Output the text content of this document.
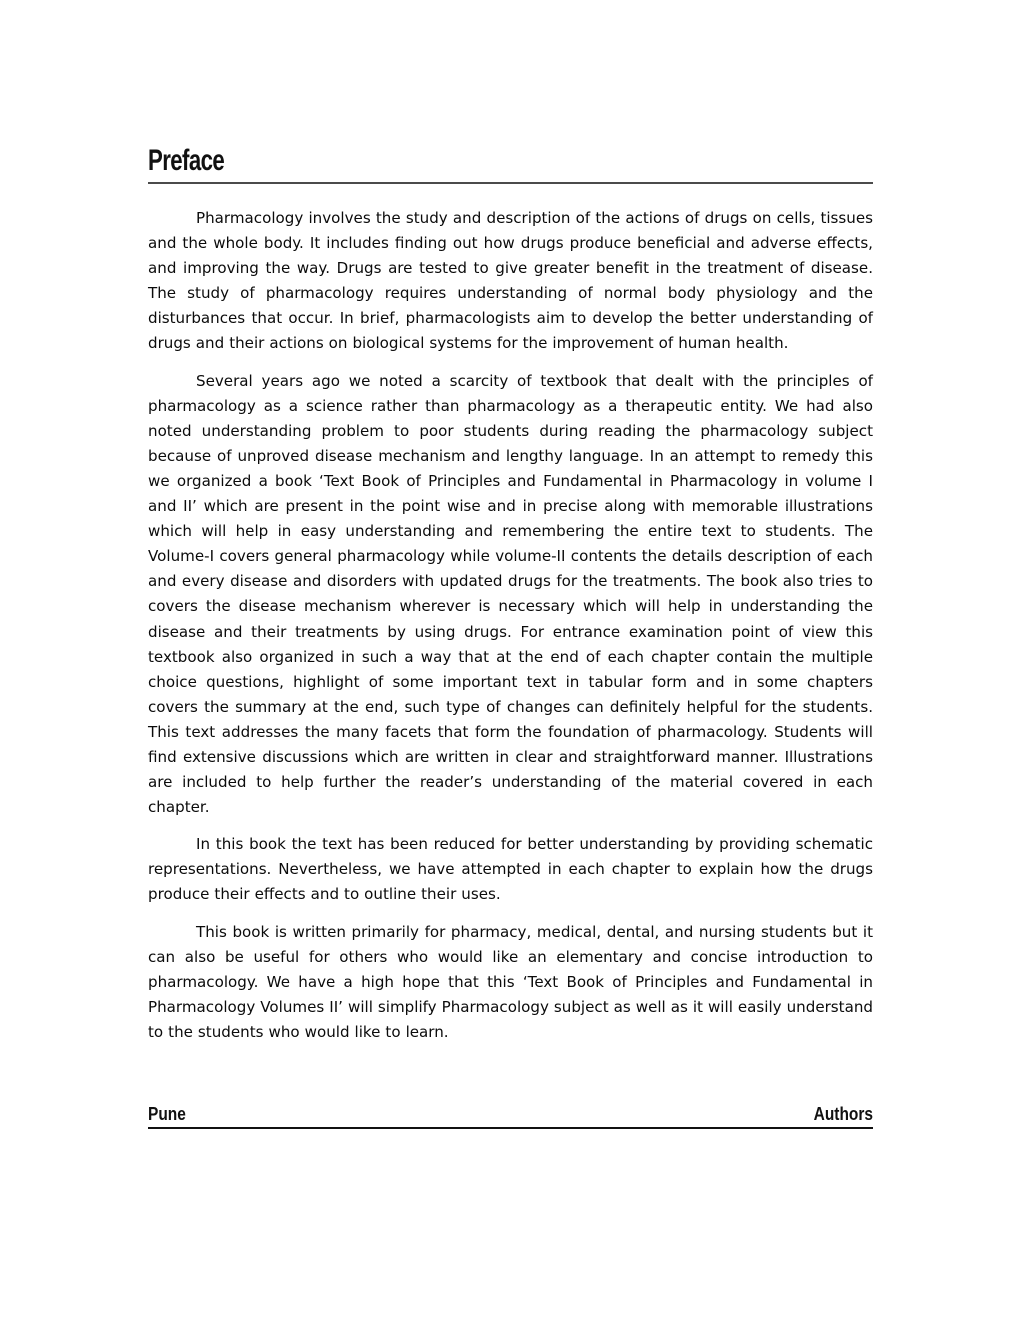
Preface

Pharmacology involves the study and description of the actions of drugs on cells, tissues and the whole body. It includes finding out how drugs produce beneficial and adverse effects, and improving the way. Drugs are tested to give greater benefit in the treatment of disease. The study of pharmacology requires understanding of normal body physiology and the disturbances that occur. In brief, pharmacologists aim to develop the better understanding of drugs and their actions on biological systems for the improvement of human health.

Several years ago we noted a scarcity of textbook that dealt with the principles of pharmacology as a science rather than pharmacology as a therapeutic entity. We had also noted understanding problem to poor students during reading the pharmacology subject because of unproved disease mechanism and lengthy language. In an attempt to remedy this we organized a book ‘Text Book of Principles and Fundamental in Pharmacology in volume I and II’ which are present in the point wise and in precise along with memorable illustrations which will help in easy understanding and remembering the entire text to students. The Volume-I covers general pharmacology while volume-II contents the details description of each and every disease and disorders with updated drugs for the treatments. The book also tries to covers the disease mechanism wherever is necessary which will help in understanding the disease and their treatments by using drugs. For entrance examination point of view this textbook also organized in such a way that at the end of each chapter contain the multiple choice questions, highlight of some important text in tabular form and in some chapters covers the summary at the end, such type of changes can definitely helpful for the students. This text addresses the many facets that form the foundation of pharmacology. Students will find extensive discussions which are written in clear and straightforward manner. Illustrations are included to help further the reader’s understanding of the material covered in each chapter.

In this book the text has been reduced for better understanding by providing schematic representations. Nevertheless, we have attempted in each chapter to explain how the drugs produce their effects and to outline their uses.

This book is written primarily for pharmacy, medical, dental, and nursing students but it can also be useful for others who would like an elementary and concise introduction to pharmacology. We have a high hope that this ‘Text Book of Principles and Fundamental in Pharmacology Volumes II’ will simplify Pharmacology subject as well as it will easily understand to the students who would like to learn.

Pune	Authors
